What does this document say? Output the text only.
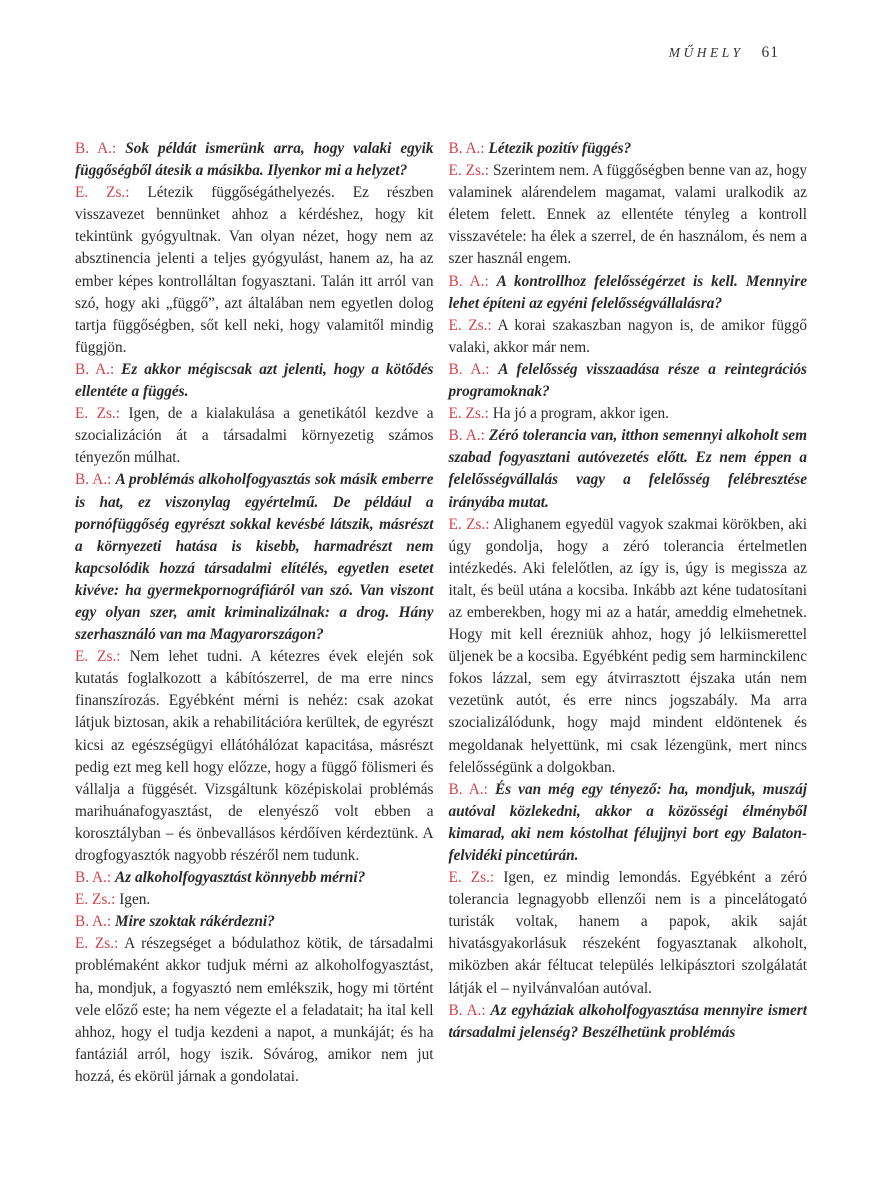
MŰHELY 61

B. A.: Sok példát ismerünk arra, hogy valaki egyik függőségből átesik a másikba. Ilyenkor mi a helyzet?

E. Zs.: Létezik függőségáthelyezés. Ez részben visszavezet bennünket ahhoz a kérdéshez, hogy kit tekintünk gyógyultnak. Van olyan nézet, hogy nem az absztinencia jelenti a teljes gyógyulást, hanem az, ha az ember képes kontrolláltan fogyasztani. Talán itt arról van szó, hogy aki „függő”, azt általában nem egyetlen dolog tartja függőségben, sőt kell neki, hogy valamitől mindig függjön.

B. A.: Ez akkor mégiscsak azt jelenti, hogy a kötődés ellentéte a függés.

E. Zs.: Igen, de a kialakulása a genetikától kezdve a szocializáción át a társadalmi környezetig számos tényezőn múlhat.

B. A.: A problémás alkoholfogyasztás sok másik emberre is hat, ez viszonylag egyértelmű. De például a pornófüggőség egyrészt sokkal kevésbé látszik, másrészt a környezeti hatása is kisebb, harmadrészt nem kapcsolódik hozzá társadalmi elítélés, egyetlen esetet kivéve: ha gyermekpornográfiáról van szó. Van viszont egy olyan szer, amit kriminalizálnak: a drog. Hány szerhasználó van ma Magyarországon?

E. Zs.: Nem lehet tudni. A kétezres évek elején sok kutatás foglalkozott a kábítószerrel, de ma erre nincs finanszírozás. Egyébként mérni is nehéz: csak azokat látjuk biztosan, akik a rehabilitációra kerültek, de egyrészt kicsi az egészségügyi ellátóhálózat kapacitása, másrészt pedig ezt meg kell hogy előzze, hogy a függő fölismeri és vállalja a függését. Vizsgáltunk középiskolai problémás marihuánafogyasztást, de elenyésző volt ebben a korosztályban – és önbevallásos kérdőíven kérdeztünk. A drogfogyasztók nagyobb részéről nem tudunk.

B. A.: Az alkoholfogyasztást könnyebb mérni?

E. Zs.: Igen.

B. A.: Mire szoktak rákérdezni?

E. Zs.: A részegséget a bódulathoz kötik, de társadalmi problémaként akkor tudjuk mérni az alkoholfogyasztást, ha, mondjuk, a fogyasztó nem emlékszik, hogy mi történt vele előző este; ha nem végezte el a feladatait; ha ital kell ahhoz, hogy el tudja kezdeni a napot, a munkáját; és ha fantáziál arról, hogy iszik. Sóvárog, amikor nem jut hozzá, és ekörül járnak a gondolatai.

B. A.: Létezik pozitív függés?

E. Zs.: Szerintem nem. A függőségben benne van az, hogy valaminek alárendelem magamat, valami uralkodik az életem felett. Ennek az ellentéte tényleg a kontroll visszavétele: ha élek a szerrel, de én használom, és nem a szer használ engem.

B. A.: A kontrollhoz felelősségérzet is kell. Mennyire lehet építeni az egyéni felelősségvállalásra?

E. Zs.: A korai szakaszban nagyon is, de amikor függő valaki, akkor már nem.

B. A.: A felelősség visszaadása része a reintegrációs programoknak?

E. Zs.: Ha jó a program, akkor igen.

B. A.: Zéró tolerancia van, itthon semennyi alkoholt sem szabad fogyasztani autóvezetés előtt. Ez nem éppen a felelősségvállalás vagy a felelősség felébresztése irányába mutat.

E. Zs.: Alighanem egyedül vagyok szakmai körökben, aki úgy gondolja, hogy a zéró tolerancia értelmetlen intézkedés. Aki felelőtlen, az így is, úgy is megissza az italt, és beül utána a kocsiba. Inkább azt kéne tudatosítani az emberekben, hogy mi az a határ, ameddig elmehetnek. Hogy mit kell érezniük ahhoz, hogy jó lelkiismerettel üljenek be a kocsiba. Egyébként pedig sem harminckilenc fokos lázzal, sem egy átvirrasztott éjszaka után nem vezetünk autót, és erre nincs jogszabály. Ma arra szocializálódunk, hogy majd mindent eldöntenek és megoldanak helyettünk, mi csak lézengünk, mert nincs felelősségünk a dolgokban.

B. A.: És van még egy tényező: ha, mondjuk, muszáj autóval közlekedni, akkor a közösségi élményből kimarad, aki nem kóstolhat félujjnyi bort egy Balaton-felvidéki pincetúrán.

E. Zs.: Igen, ez mindig lemondás. Egyébként a zéró tolerancia legnagyobb ellenzői nem is a pincelátogató turisták voltak, hanem a papok, akik saját hivatásgyakorlásuk részeként fogyasztanak alkoholt, miközben akár féltucat település lelkipásztori szolgálatát látják el – nyilvánvalóan autóval.

B. A.: Az egyháziak alkoholfogyasztása mennyire ismert társadalmi jelenség? Beszélhetünk problémás
